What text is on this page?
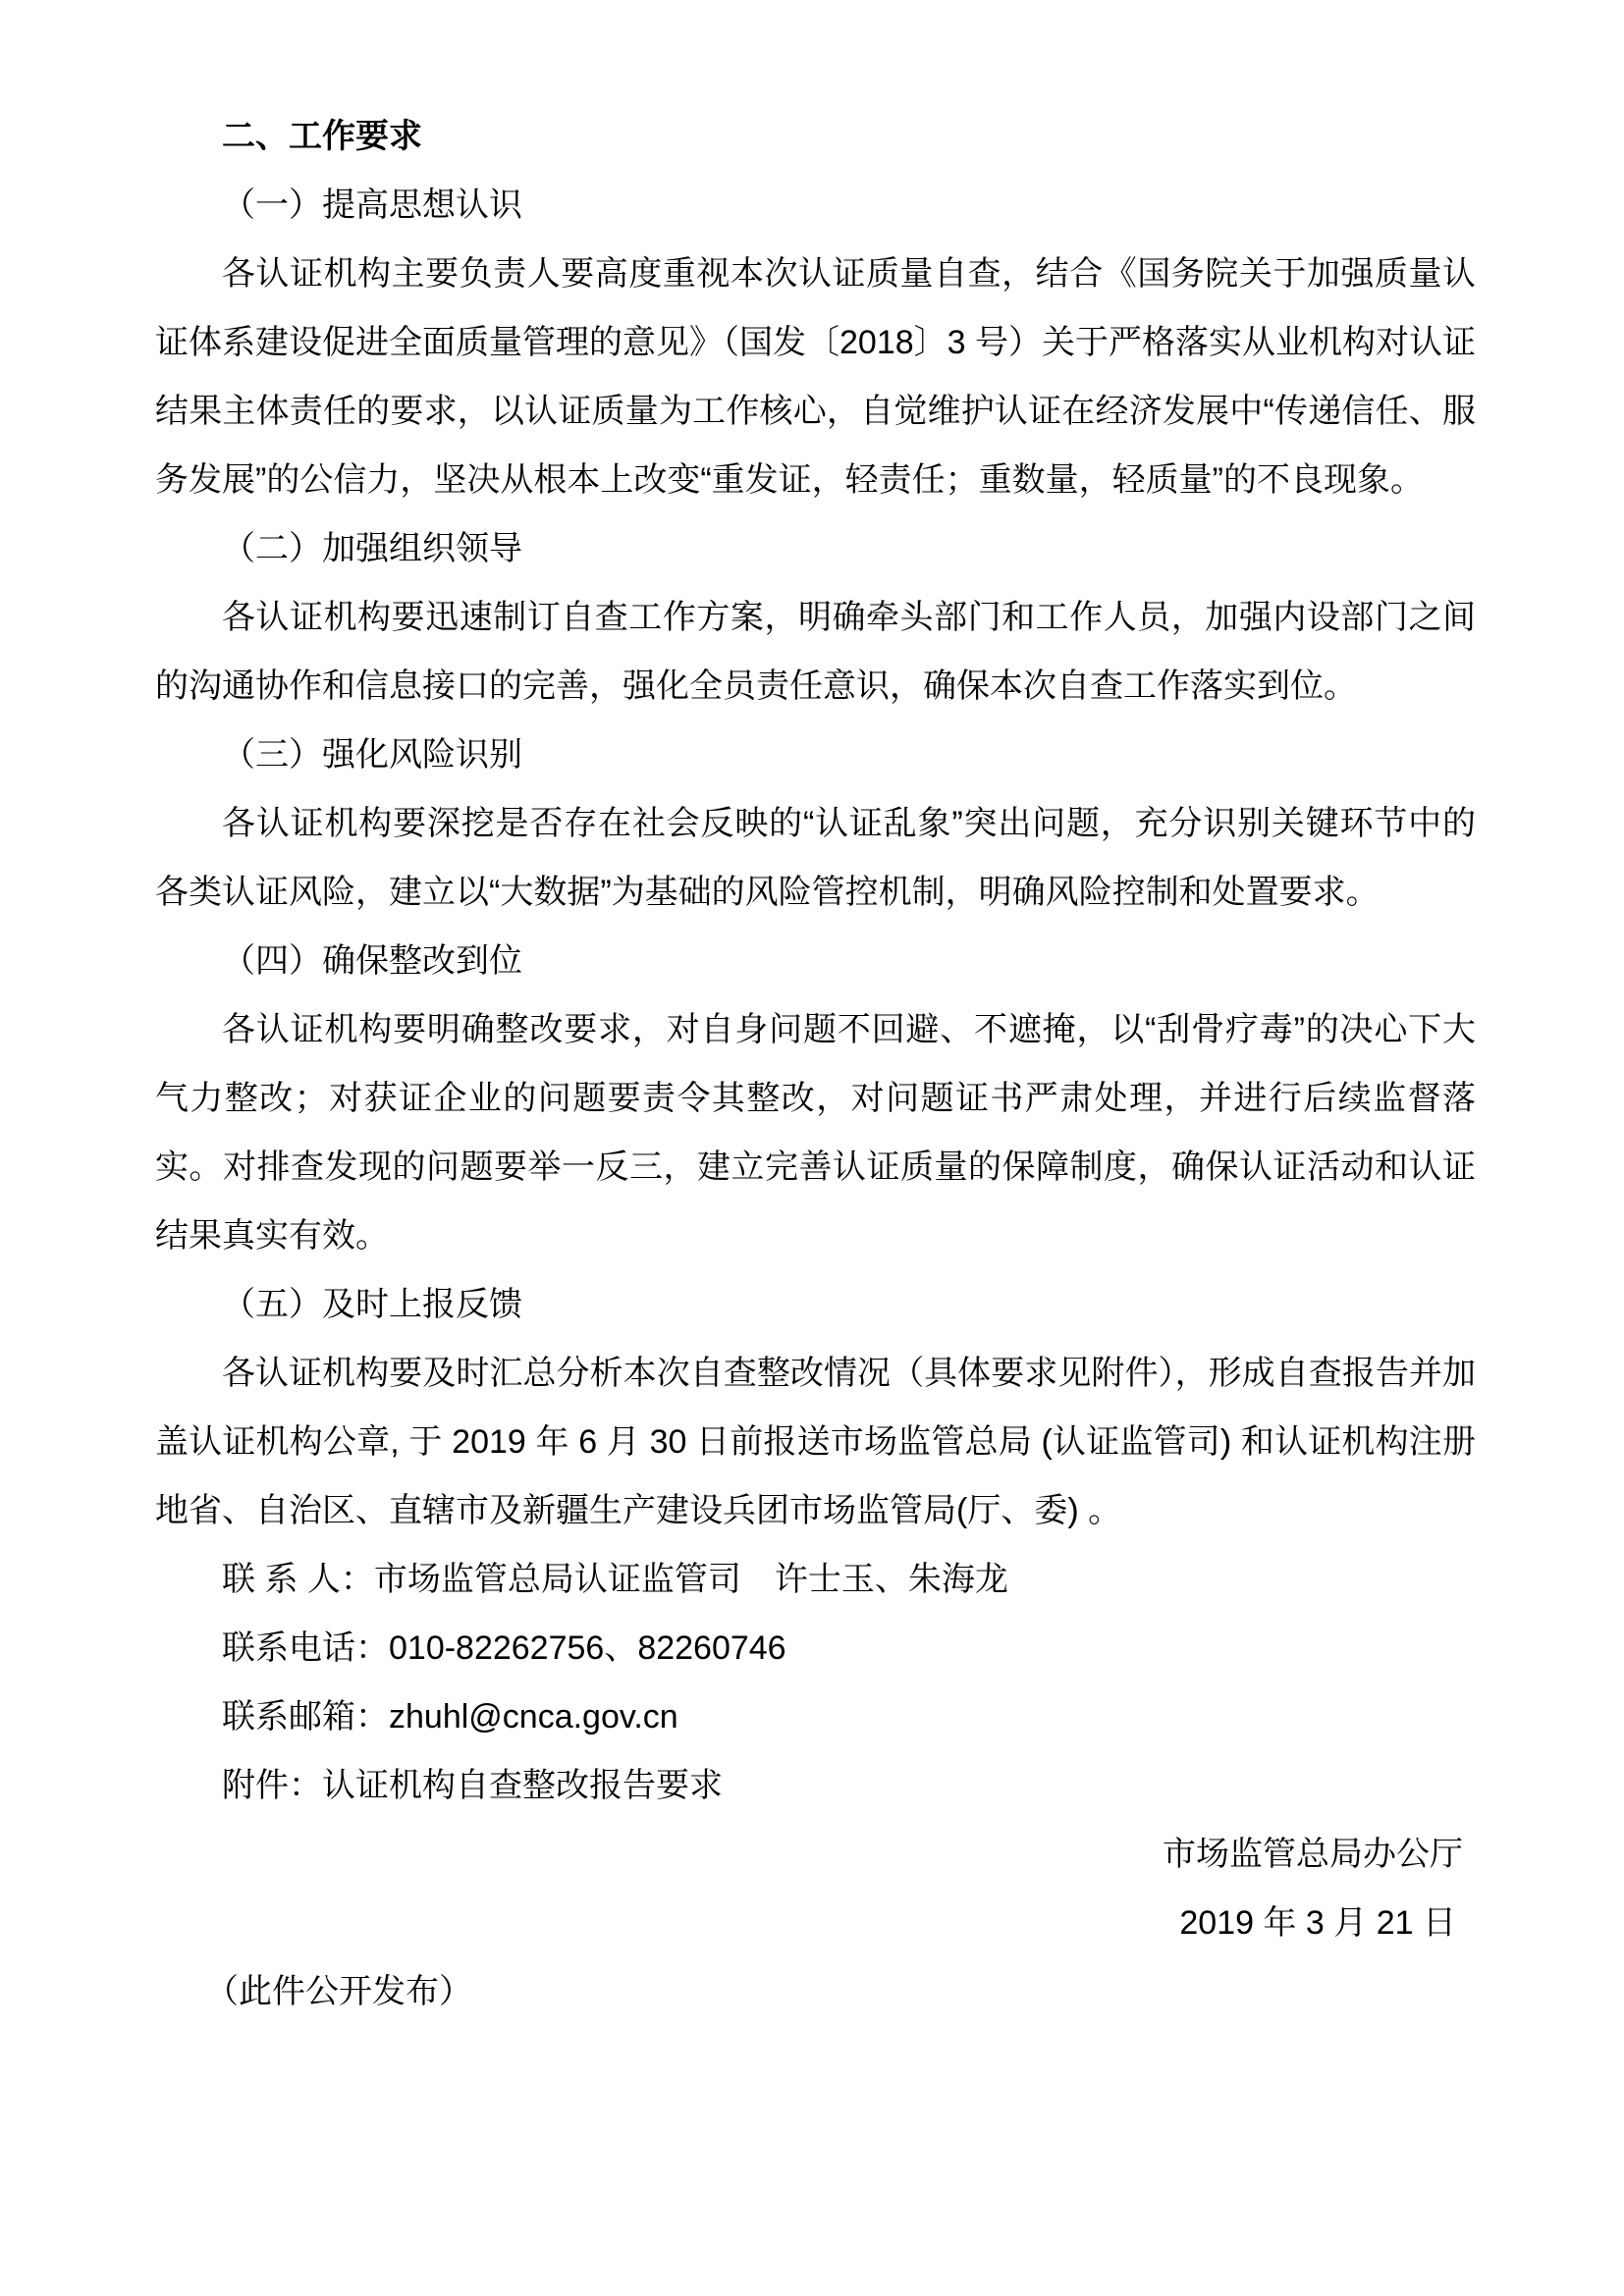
二、工作要求

（一）提高思想认识

各认证机构主要负责人要高度重视本次认证质量自查，结合《国务院关于加强质量认证体系建设促进全面质量管理的意见》（国发〔2018〕3 号）关于严格落实从业机构对认证结果主体责任的要求，以认证质量为工作核心，自觉维护认证在经济发展中“传递信任、服务发展”的公信力，坚决从根本上改变“重发证，轻责任；重数量，轻质量”的不良现象。

（二）加强组织领导

各认证机构要迅速制订自查工作方案，明确牵头部门和工作人员，加强内设部门之间的沟通协作和信息接口的完善，强化全员责任意识，确保本次自查工作落实到位。

（三）强化风险识别

各认证机构要深挖是否存在社会反映的“认证乱象”突出问题，充分识别关键环节中的各类认证风险，建立以“大数据”为基础的风险管控机制，明确风险控制和处置要求。

（四）确保整改到位

各认证机构要明确整改要求，对自身问题不回避、不遮掩，以“刮骨疗毒”的决心下大气力整改；对获证企业的问题要责令其整改，对问题证书严肃处理，并进行后续监督落实。对排查发现的问题要举一反三，建立完善认证质量的保障制度，确保认证活动和认证结果真实有效。

（五）及时上报反馈

各认证机构要及时汇总分析本次自查整改情况（具体要求见附件），形成自查报告并加盖认证机构公章, 于 2019 年 6 月 30 日前报送市场监管总局 (认证监管司) 和认证机构注册地省、自治区、直辖市及新疆生产建设兵团市场监管局(厅、委) 。

联 系 人：市场监管总局认证监管司　许士玉、朱海龙

联系电话：010-82262756、82260746

联系邮箱：zhuhl@cnca.gov.cn

附件：认证机构自查整改报告要求

市场监管总局办公厅

2019 年 3 月 21 日

（此件公开发布）
